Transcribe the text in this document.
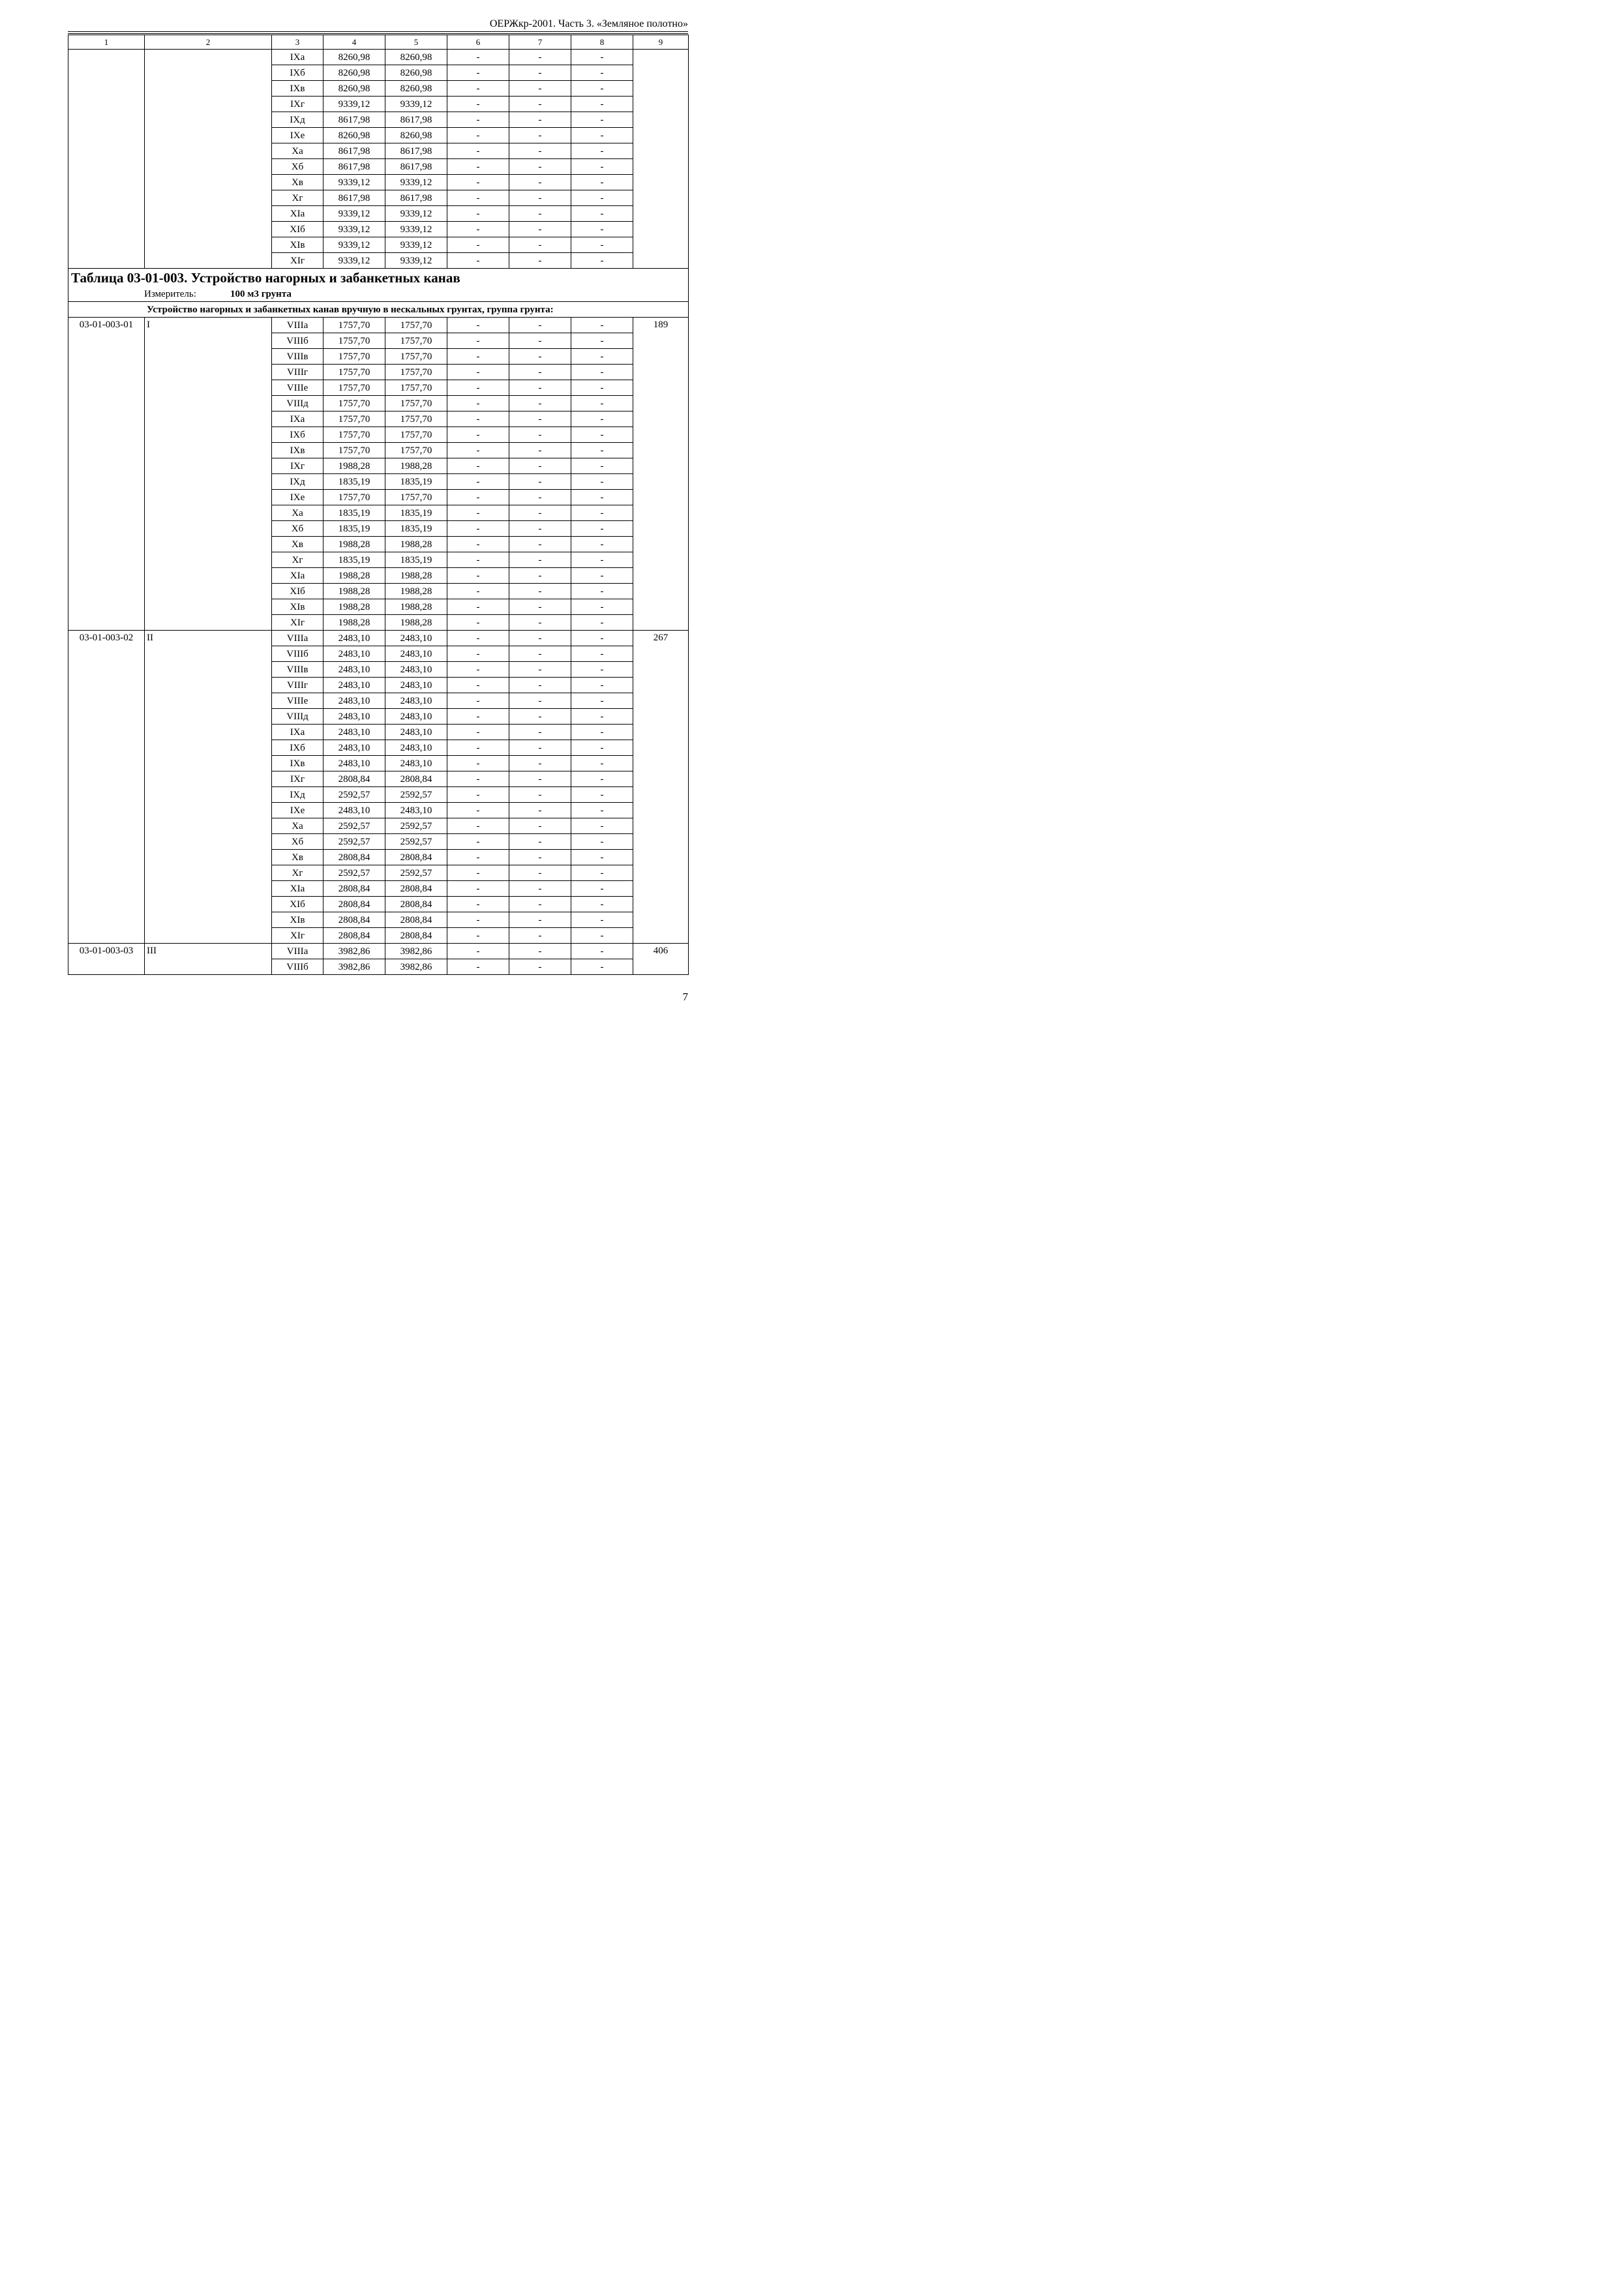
ОЕРЖкр-2001. Часть 3. «Земляное полотно»
1	2	3	4	5	6	7	8	9
		IXа	8260,98	8260,98	-	-	-	
		IXб	8260,98	8260,98	-	-	-	
		IXв	8260,98	8260,98	-	-	-	
		IXг	9339,12	9339,12	-	-	-	
		IXд	8617,98	8617,98	-	-	-	
		IXе	8260,98	8260,98	-	-	-	
		Xа	8617,98	8617,98	-	-	-	
		Xб	8617,98	8617,98	-	-	-	
		Xв	9339,12	9339,12	-	-	-	
		Xг	8617,98	8617,98	-	-	-	
		XIа	9339,12	9339,12	-	-	-	
		XIб	9339,12	9339,12	-	-	-	
		XIв	9339,12	9339,12	-	-	-	
		XIг	9339,12	9339,12	-	-	-	
Таблица 03-01-003. Устройство нагорных и забанкетных канав								
Измеритель: 100 м3 грунта								
Устройство нагорных и забанкетных канав вручную в нескальных грунтах, группа грунта:								
03-01-003-01	I	VIIIа	1757,70	1757,70	-	-	-	189
		VIIIб	1757,70	1757,70	-	-	-	
		VIIIв	1757,70	1757,70	-	-	-	
		VIIIг	1757,70	1757,70	-	-	-	
		VIIIе	1757,70	1757,70	-	-	-	
		VIIIд	1757,70	1757,70	-	-	-	
		IXа	1757,70	1757,70	-	-	-	
		IXб	1757,70	1757,70	-	-	-	
		IXв	1757,70	1757,70	-	-	-	
		IXг	1988,28	1988,28	-	-	-	
		IXд	1835,19	1835,19	-	-	-	
		IXе	1757,70	1757,70	-	-	-	
		Xа	1835,19	1835,19	-	-	-	
		Xб	1835,19	1835,19	-	-	-	
		Xв	1988,28	1988,28	-	-	-	
		Xг	1835,19	1835,19	-	-	-	
		XIа	1988,28	1988,28	-	-	-	
		XIб	1988,28	1988,28	-	-	-	
		XIв	1988,28	1988,28	-	-	-	
		XIг	1988,28	1988,28	-	-	-	
03-01-003-02	II	VIIIа	2483,10	2483,10	-	-	-	267
		VIIIб	2483,10	2483,10	-	-	-	
		VIIIв	2483,10	2483,10	-	-	-	
		VIIIг	2483,10	2483,10	-	-	-	
		VIIIе	2483,10	2483,10	-	-	-	
		VIIIд	2483,10	2483,10	-	-	-	
		IXа	2483,10	2483,10	-	-	-	
		IXб	2483,10	2483,10	-	-	-	
		IXв	2483,10	2483,10	-	-	-	
		IXг	2808,84	2808,84	-	-	-	
		IXд	2592,57	2592,57	-	-	-	
		IXе	2483,10	2483,10	-	-	-	
		Xа	2592,57	2592,57	-	-	-	
		Xб	2592,57	2592,57	-	-	-	
		Xв	2808,84	2808,84	-	-	-	
		Xг	2592,57	2592,57	-	-	-	
		XIа	2808,84	2808,84	-	-	-	
		XIб	2808,84	2808,84	-	-	-	
		XIв	2808,84	2808,84	-	-	-	
		XIг	2808,84	2808,84	-	-	-	
03-01-003-03	III	VIIIа	3982,86	3982,86	-	-	-	406
		VIIIб	3982,86	3982,86	-	-	-	
7
